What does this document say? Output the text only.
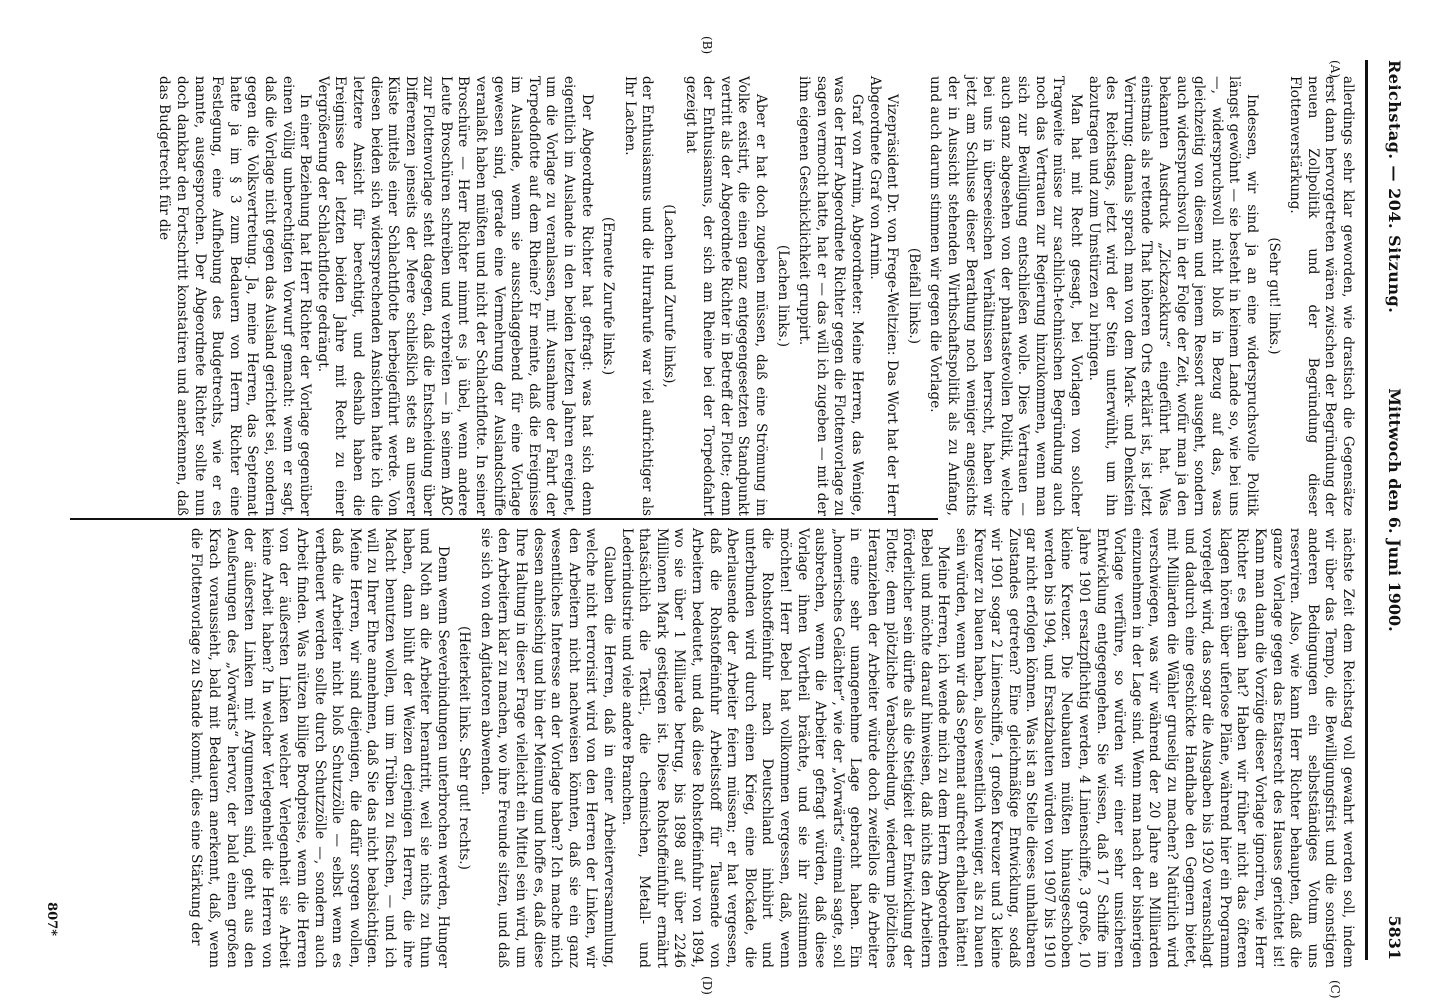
Reichstag. — 204. Sitzung.
Mittwoch den 6. Juni 1900.
5831
(A)
(B)
(C)
(D)

allerdings sehr klar geworden, wie drastisch die Gegensätze erst dann hervorgetreten wären zwischen der Begründung der neuen Zollpolitik und der Begründung dieser Flottenverstärkung.

(Sehr gut! links.)

Indessen, wir sind ja an eine widerspruchsvolle Politik längst gewöhnt — sie besteht in keinem Lande so, wie bei uns —, widerspruchsvoll nicht bloß in Bezug auf das, was gleichzeitig von diesem und jenem Ressort ausgeht, sondern auch widerspruchsvoll in der Folge der Zeit, wofür man ja den bekannten Ausdruck „Zickzackkurs“ eingeführt hat. Was einstmals als rettende That höheren Orts erklärt ist, ist jetzt Verirrung; damals sprach man von dem Mark- und Denkstein des Reichstags, jetzt wird der Stein unterwühlt, um ihn abzutragen und zum Umstürzen zu bringen.

Man hat mit Recht gesagt, bei Vorlagen von solcher Tragweite müsse zur sachlich-technischen Begründung auch noch das Vertrauen zur Regierung hinzukommen, wenn man sich zur Bewilligung entschließen wolle. Dies Vertrauen — auch ganz abgesehen von der phantastevollen Politik, welche bei uns in überseeischen Verhältnissen herrscht, haben wir jetzt am Schlusse dieser Berathung noch weniger angesichts der in Aussicht stehenden Wirthschaftspolitik als zu Anfang, und auch darum stimmen wir gegen die Vorlage.

(Beifall links.)

Vizepräsident Dr. von Frege-Weltzien: Das Wort hat der Herr Abgeordnete Graf von Arnim.

Graf von Arnim, Abgeordneter: Meine Herren, das Wenige, was der Herr Abgeordnete Richter gegen die Flottenvorlage zu sagen vermocht hatte, hat er — das will ich zugeben — mit der ihm eigenen Geschicklichkeit gruppirt.

(Lachen links.)

Aber er hat doch zugeben müssen, daß eine Strömung im Volke existirt, die einen ganz entgegengesetzten Standpunkt vertritt als der Abgeordnete Richter in Betreff der Flotte; denn der Enthusiasmus, der sich am Rheine bei der Torpedofahrt gezeigt hat

(Lachen und Zurufe links),

der Enthusiasmus und die Hurrahrufe war viel aufrichtiger als Ihr Lachen.

(Erneute Zurufe links.)

Der Abgeordnete Richter hat gefragt: was hat sich denn eigentlich im Auslande in den beiden letzten Jahren ereignet, um die Vorlage zu veranlassen, mit Ausnahme der Fahrt der Torpedoflotte auf dem Rheine? Er meinte, daß die Ereignisse im Auslande, wenn sie ausschlaggebend für eine Vorlage gewesen sind, gerade eine Vermehrung der Auslandschiffe veranlaßt haben müßten und nicht der Schlachtflotte. In seiner Broschüre — Herr Richter nimmt es ja übel, wenn andere Leute Broschüren schreiben und verbreiten — in seinem ABC zur Flottenvorlage steht dagegen, daß die Entscheidung über Differenzen jenseits der Meere schließlich stets an unserer Küste mittels einer Schlachtflotte herbeigeführt werde. Von diesen beiden sich widersprechenden Ansichten hatte ich die letztere Ansicht für berechtigt, und deshalb haben die Ereignisse der letzten beiden Jahre mit Recht zu einer Vergrößerung der Schlachtflotte gedrängt.

In einer Beziehung hat Herr Richter der Vorlage gegenüber einen völlig unberechtigten Vorwurf gemacht: wenn er sagt, daß die Vorlage nicht gegen das Ausland gerichtet sei, sondern gegen die Volksvertretung. Ja, meine Herren, das Septennat hatte ja im § 3 zum Bedauern von Herrn Richter eine Festlegung, eine Aufhebung des Budgetrechts, wie er es nannte, ausgesprochen. Der Abgeordnete Richter sollte nun doch dankbar den Fortschritt konstatiren und anerkennen, daß das Budgetrecht für die

nächste Zeit dem Reichstag voll gewahrt werden soll, indem wir über das Tempo, die Bewilligungsfrist und die sonstigen anderen Bedingungen ein selbstständiges Votum uns reserviren. Also, wie kann Herr Richter behaupten, daß die ganze Vorlage gegen das Etatsrecht des Hauses gerichtet ist! Kann man dann die Vorzüge dieser Vorlage ignoriren, wie Herr Richter es gethan hat? Haben wir früher nicht das öfteren klagen hören über uferlose Pläne, während hier ein Programm vorgelegt wird, das sogar die Ausgaben bis 1920 veranschlagt und dadurch eine geschickte Handhabe den Gegnern bietet, mit Milliarden die Wähler gruselig zu machen? Natürlich wird verschwiegen, was wir während der 20 Jahre an Milliarden einzunehmen in der Lage sind. Wenn man nach der bisherigen Vorlage verführe, so würden wir einer sehr unsicheren Entwicklung entgegengehen. Sie wissen, daß 17 Schiffe im Jahre 1901 ersatzpflichtig werden, 4 Linienschiffe, 3 große, 10 kleine Kreuzer. Die Neubauten müßten hinausgeschoben werden bis 1904, und Ersatzbauten würden von 1907 bis 1910 gar nicht erfolgen können. Was ist an Stelle dieses unhaltbaren Zustandes getreten? Eine gleichmäßige Entwicklung, sodaß wir 1901 sogar 2 Linienschiffe, 1 großen Kreuzer und 3 kleine Kreuzer zu bauen haben, also wesentlich weniger, als zu bauen sein würden, wenn wir das Septennat aufrecht erhalten hätten!

Meine Herren, ich wende mich zu dem Herrn Abgeordneten Bebel und möchte darauf hinweisen, daß nichts den Arbeitern förderlicher sein dürfte als die Stetigkeit der Entwicklung der Flotte; denn plötzliche Verabschiedung, wiederum plötzliches Heranziehen der Arbeiter würde doch zweifellos die Arbeiter in eine sehr unangenehme Lage gebracht haben. Ein „homerisches Gelächter“, wie der „Vorwärts“ einmal sagte, soll ausbrechen, wenn die Arbeiter gefragt würden, daß diese Vorlage ihnen Vortheil brächte, und sie ihr zustimmen möchten! Herr Bebel hat vollkommen vergessen, daß, wenn die Rohstoffeinfuhr nach Deutschland inhibirt und unterbunden wird durch einen Krieg, eine Blockade, die Aberlausende der Arbeiter feiern müssen; er hat vergessen, daß die Rohstoffeinfuhr Arbeitsstoff für Tausende von Arbeitern bedeutet, und daß diese Rohstoffeinfuhr von 1894, wo sie über 1 Milliarde betrug, bis 1898 auf über 2246 Millionen Mark gestiegen ist. Diese Rohstoffeinfuhr ernährt thatsächlich die Textil-, die chemischen, Metall- und Lederindustrie und viele andere Branchen.

Glauben die Herren, daß in einer Arbeiterversammlung, welche nicht terrorisirt wird von den Herren der Linken, wir den Arbeitern nicht nachweisen könnten, daß sie ein ganz wesentliches Interesse an der Vorlage haben? Ich mache mich dessen anheischig und bin der Meinung und hoffe es, daß diese Ihre Haltung in dieser Frage vielleicht ein Mittel sein wird, um den Arbeitern klar zu machen, wo ihre Freunde sitzen, und daß sie sich von den Agitatoren abwenden.

(Heiterkeit links. Sehr gut! rechts.)

Denn wenn Seeverbindungen unterbrochen werden, Hunger und Noth an die Arbeiter herantritt, weil sie nichts zu thun haben, dann blüht der Weizen derjenigen Herren, die ihre Macht benutzen wollen, um im Trüben zu fischen, — und ich will zu Ihrer Ehre annehmen, daß Sie das nicht beabsichtigen. Meine Herren, wir sind diejenigen, die dafür sorgen wollen, daß die Arbeiter nicht bloß Schutzzölle — selbst wenn es vertheuert werden sollte durch Schutzzölle —, sondern auch Arbeit finden. Was nützen billige Brodpreise, wenn die Herren von der äußersten Linken welcher Verlegenheit sie Arbeit keine Arbeit haben? In welcher Verlegenheit die Herren von der äußersten Linken mit Argumenten sind, geht aus den Aeußerungen des „Vorwärts“ hervor, der bald einen großen Krach voraussieht, bald mit Bedauern anerkennt, daß, wenn die Flottenvorlage zu Stande kommt, dies eine Stärkung der

807*
